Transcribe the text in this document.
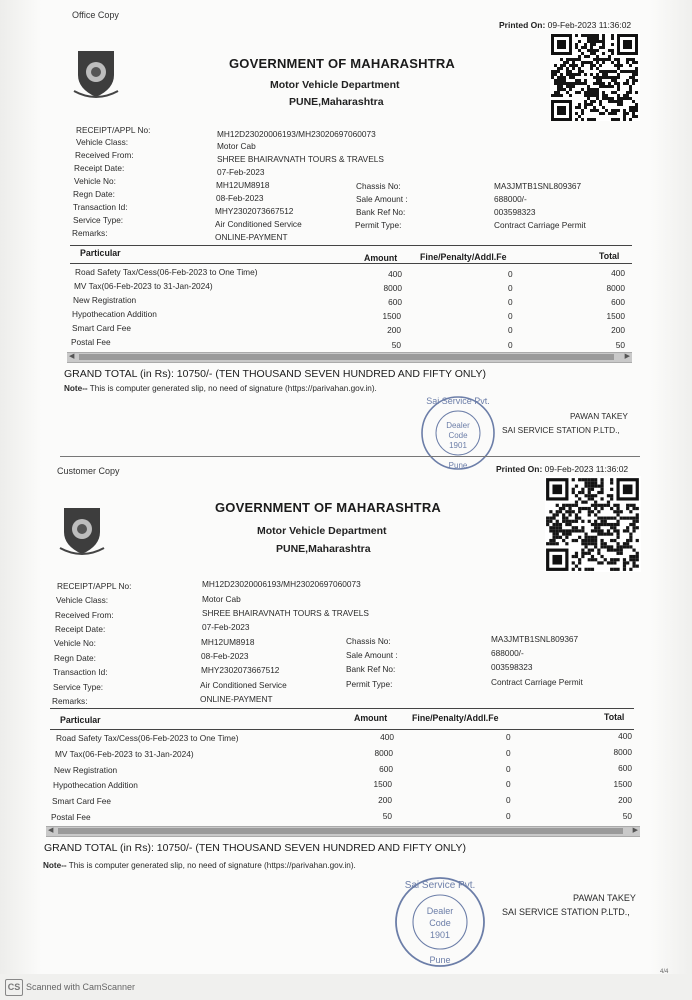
Office Copy
Printed On: 09-Feb-2023 11:36:02
GOVERNMENT OF MAHARASHTRA
Motor Vehicle Department
PUNE,Maharashtra
RECEIPT/APPL No:	MH12D23020006193/MH23020697060073
Vehicle Class:	Motor Cab
Received From:	SHREE BHAIRAVNATH TOURS & TRAVELS
Receipt Date:	07-Feb-2023
Vehicle No:	MH12UM8918
Regn Date:	08-Feb-2023
Transaction Id:	MHY2302073667512
Service Type:	Air Conditioned Service
Remarks:	ONLINE-PAYMENT
Chassis No:	MA3JMTB1SNL809367
Sale Amount :	688000/-
Bank Ref No:	003598323
Permit Type:	Contract Carriage Permit
Particular	Amount	Fine/Penalty/Addl.Fe	Total
Road Safety Tax/Cess(06-Feb-2023 to One Time)	400	0	400
MV Tax(06-Feb-2023 to 31-Jan-2024)	8000	0	8000
New Registration	600	0	600
Hypothecation Addition	1500	0	1500
Smart Card Fee	200	0	200
Postal Fee	50	0	50
◀	▶
GRAND TOTAL (in Rs): 10750/- (TEN THOUSAND SEVEN HUNDRED AND FIFTY ONLY)
Note-- This is computer generated slip, no need of signature (https://parivahan.gov.in).
Sai Service Pvt.
Dealer
Code
1901
Pune
PAWAN TAKEY
SAI SERVICE STATION P.LTD.,
Customer Copy	Printed On: 09-Feb-2023 11:36:02
GOVERNMENT OF MAHARASHTRA
Motor Vehicle Department
PUNE,Maharashtra
RECEIPT/APPL No:	MH12D23020006193/MH23020697060073
Vehicle Class:	Motor Cab
Received From:	SHREE BHAIRAVNATH TOURS & TRAVELS
Receipt Date:	07-Feb-2023
Vehicle No:	MH12UM8918
Regn Date:	08-Feb-2023
Transaction Id:	MHY2302073667512
Service Type:	Air Conditioned Service
Remarks:	ONLINE-PAYMENT
Chassis No:	MA3JMTB1SNL809367
Sale Amount :	688000/-
Bank Ref No:	003598323
Permit Type:	Contract Carriage Permit
Particular	Amount	Fine/Penalty/Addl.Fe	Total
Road Safety Tax/Cess(06-Feb-2023 to One Time)	400	0	400
MV Tax(06-Feb-2023 to 31-Jan-2024)	8000	0	8000
New Registration	600	0	600
Hypothecation Addition	1500	0	1500
Smart Card Fee	200	0	200
Postal Fee	50	0	50
◀	▶
GRAND TOTAL (in Rs): 10750/- (TEN THOUSAND SEVEN HUNDRED AND FIFTY ONLY)
Note-- This is computer generated slip, no need of signature (https://parivahan.gov.in).
Sai Service Pvt.
Dealer
Code
1901
Pune
PAWAN TAKEY
SAI SERVICE STATION P.LTD.,
CS Scanned with CamScanner
4/4
